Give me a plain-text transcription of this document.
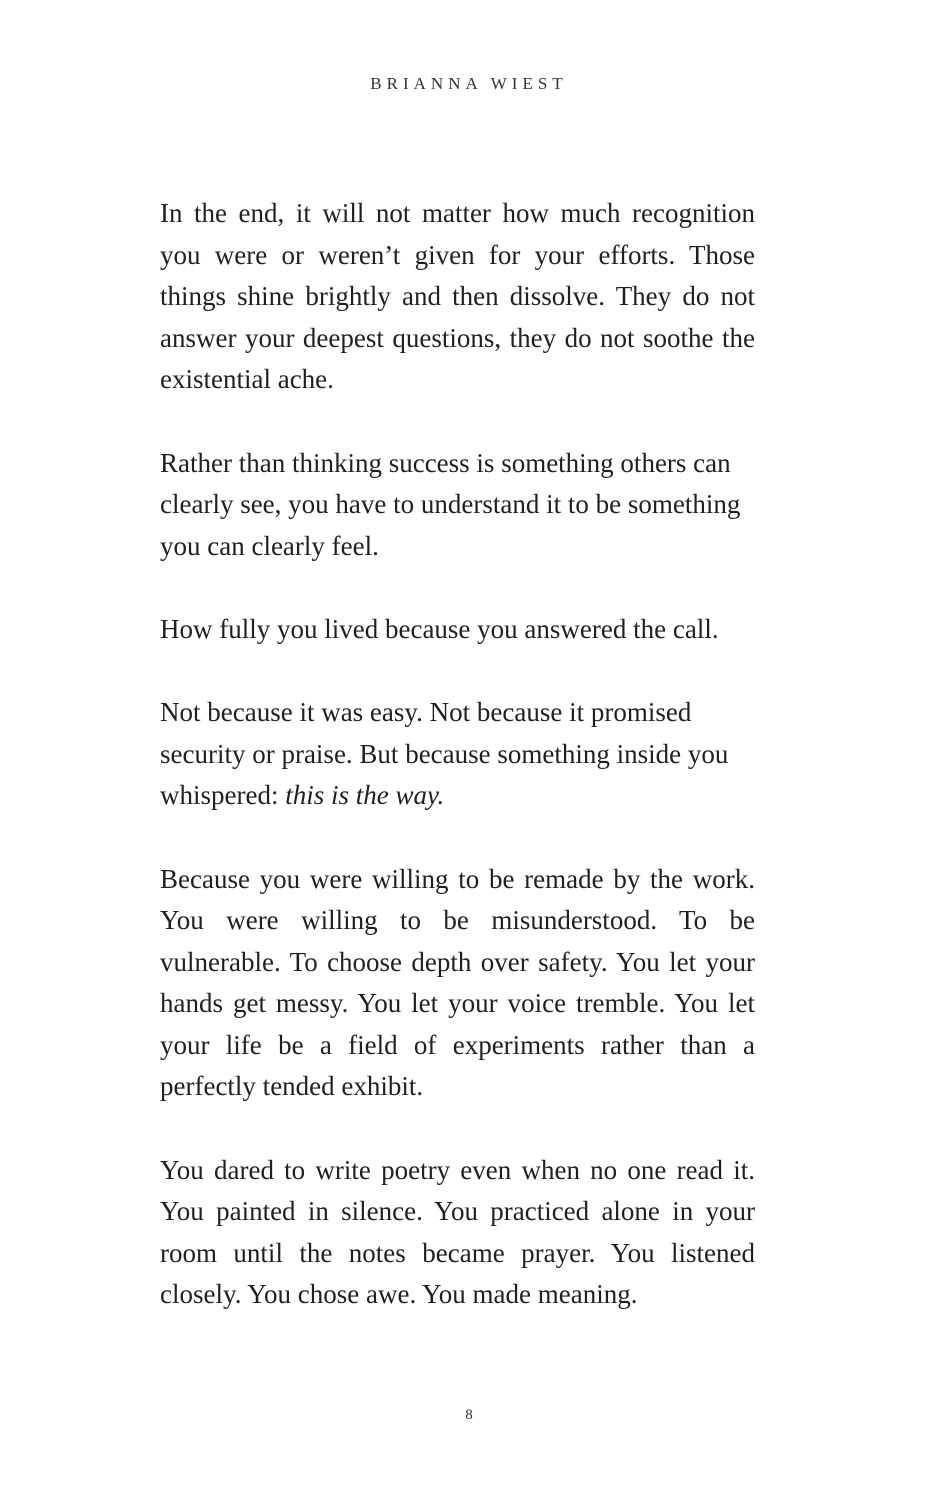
BRIANNA WIEST

In the end, it will not matter how much recognition you were or weren’t given for your efforts. Those things shine brightly and then dissolve. They do not answer your deepest questions, they do not soothe the existential ache.

Rather than thinking success is something others can clearly see, you have to understand it to be something you can clearly feel.

How fully you lived because you answered the call.

Not because it was easy. Not because it promised security or praise. But because something inside you whispered: this is the way.

Because you were willing to be remade by the work. You were willing to be misunderstood. To be vulnerable. To choose depth over safety. You let your hands get messy. You let your voice tremble. You let your life be a field of experiments rather than a perfectly tended exhibit.

You dared to write poetry even when no one read it. You painted in silence. You practiced alone in your room until the notes became prayer. You listened closely. You chose awe. You made meaning.

8
